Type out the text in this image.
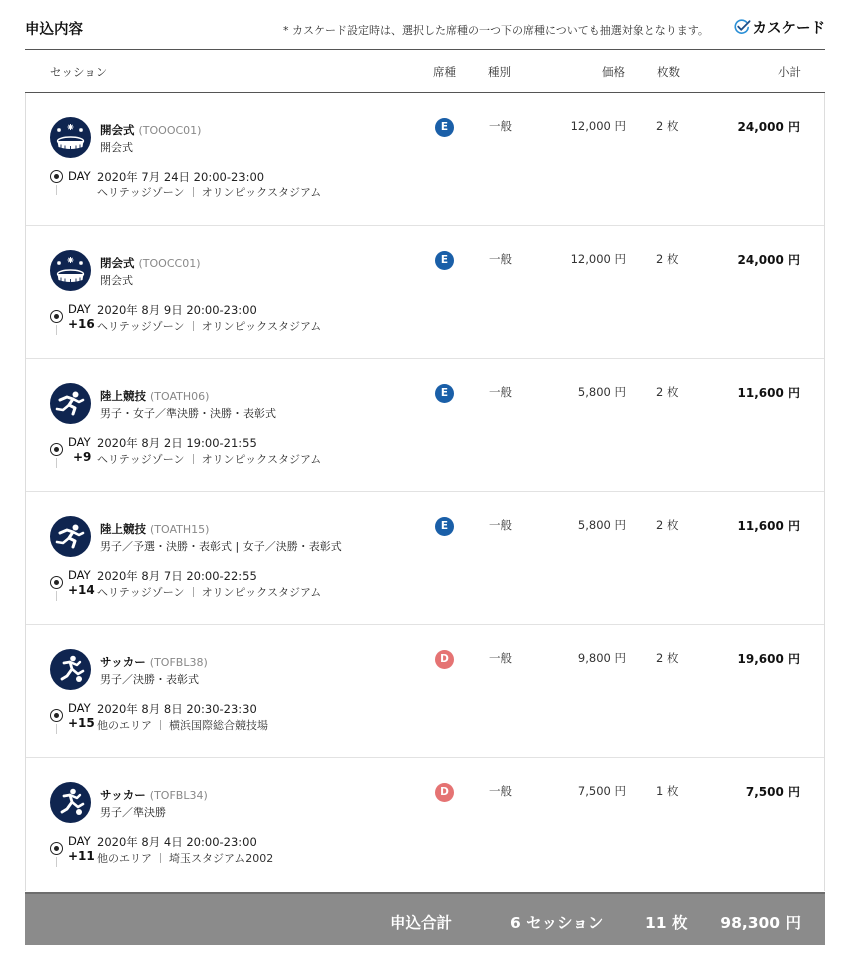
申込内容	* カスケード設定時は、選択した席種の一つ下の席種についても抽選対象となります。	カスケード
セッション	席種	種別	価格	枚数	小計
開会式 (TOOOC01)
開会式
DAY 2020年 7月 24日 20:00-23:00
ヘリテッジゾーン オリンピックスタジアム
E	一般	12,000 円	2 枚	24,000 円
閉会式 (TOOCC01)
閉会式
DAY
+16
2020年 8月 9日 20:00-23:00
ヘリテッジゾーン オリンピックスタジアム
E	一般	12,000 円	2 枚	24,000 円
陸上競技 (TOATH06)
男子・女子／準決勝・決勝・表彰式
DAY
+9
2020年 8月 2日 19:00-21:55
ヘリテッジゾーン オリンピックスタジアム
E	一般	5,800 円	2 枚	11,600 円
陸上競技 (TOATH15)
男子／予選・決勝・表彰式 | 女子／決勝・表彰式
DAY
+14
2020年 8月 7日 20:00-22:55
ヘリテッジゾーン オリンピックスタジアム
E	一般	5,800 円	2 枚	11,600 円
サッカー (TOFBL38)
男子／決勝・表彰式
DAY
+15
2020年 8月 8日 20:30-23:30
他のエリア 横浜国際総合競技場
D	一般	9,800 円	2 枚	19,600 円
サッカー (TOFBL34)
男子／準決勝
DAY
+11
2020年 8月 4日 20:00-23:00
他のエリア 埼玉スタジアム2002
D	一般	7,500 円	1 枚	7,500 円
申込合計	6 セッション	11 枚 98,300 円
